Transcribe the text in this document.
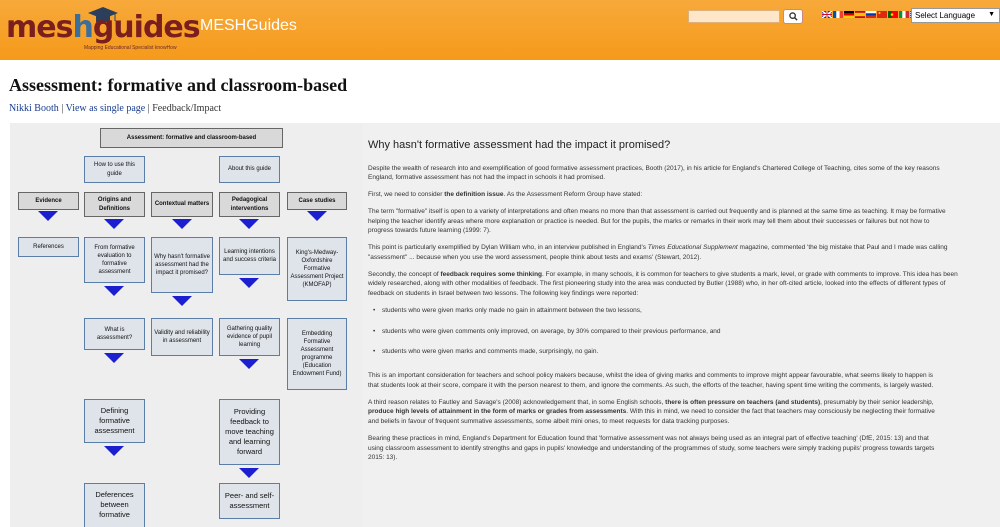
meshguides
Mapping Educational Specialist knowHow
MESHGuides
Select Language ▼
Assessment: formative and classroom-based
Nikki Booth | View as single page | Feedback/Impact
Assessment: formative and classroom-based
How to use this guide
About this guide
Evidence	Origins and Definitions
Contextual matters
Pedagogical interventions
Case studies
References	From formative evaluation to formative assessment
Why hasn't formative assessment had the impact it promised?
Learning intentions and success criteria
King's-Medway-Oxfordshire Formative Assessment Project (KMOFAP)
What is assessment?
Validity and reliability in assessment
Gathering quality evidence of pupil learning
Embedding Formative Assessment programme (Education Endowment Fund)
Defining formative assessment
Providing feedback to move teaching and learning forward
Deferences between formative
Peer- and self-assessment
Why hasn't formative assessment had the impact it promised?

Despite the wealth of research into and exemplification of good formative assessment practices, Booth (2017), in his article for England's Chartered College of Teaching, cites some of the key reasons
England, formative assessment has not had the impact in schools it had promised.

First, we need to consider the definition issue. As the Assessment Reform Group have stated:

The term "formative" itself is open to a variety of interpretations and often means no more than that assessment is carried out frequently and is planned at the same time as teaching. It may be formative
helping the teacher identify areas where more explanation or practice is needed. But for the pupils, the marks or remarks in their work may tell them about their successes or failures but not how to
progress towards future learning (1999: 7).

This point is particularly exemplified by Dylan William who, in an interview published in England's Times Educational Supplement magazine, commented 'the big mistake that Paul and I made was calling
"assessment" ... because when you use the word assessment, people think about tests and exams' (Stewart, 2012).

Secondly, the concept of feedback requires some thinking. For example, in many schools, it is common for teachers to give students a mark, level, or grade with comments to improve. This idea has been
widely researched, along with other modalities of feedback. The first pioneering study into the area was conducted by Butler (1988) who, in her oft-cited article, looked into the effects of different types of
feedback on students in Israel between two lessons. The following key findings were reported:

• students who were given marks only made no gain in attainment between the two lessons,
• students who were given comments only improved, on average, by 30% compared to their previous performance, and
• students who were given marks and comments made, surprisingly, no gain.

This is an important consideration for teachers and school policy makers because, whilst the idea of giving marks and comments to improve might appear favourable, what seems likely to happen is
that students look at their score, compare it with the person nearest to them, and ignore the comments. As such, the efforts of the teacher, having spent time writing the comments, is largely wasted.

A third reason relates to Fautley and Savage's (2008) acknowledgement that, in some English schools, there is often pressure on teachers (and students), presumably by their senior leadership,
produce high levels of attainment in the form of marks or grades from assessments. With this in mind, we need to consider the fact that teachers may consciously be neglecting their formative
and beliefs in favour of frequent summative assessments, some albeit mini ones, to meet requests for data tracking purposes.

Bearing these practices in mind, England's Department for Education found that 'formative assessment was not always being used as an integral part of effective teaching' (DfE, 2015: 13) and that
using classroom assessment to identify strengths and gaps in pupils' knowledge and understanding of the programmes of study, some teachers were simply tracking pupils' progress towards targets
2015: 13).
